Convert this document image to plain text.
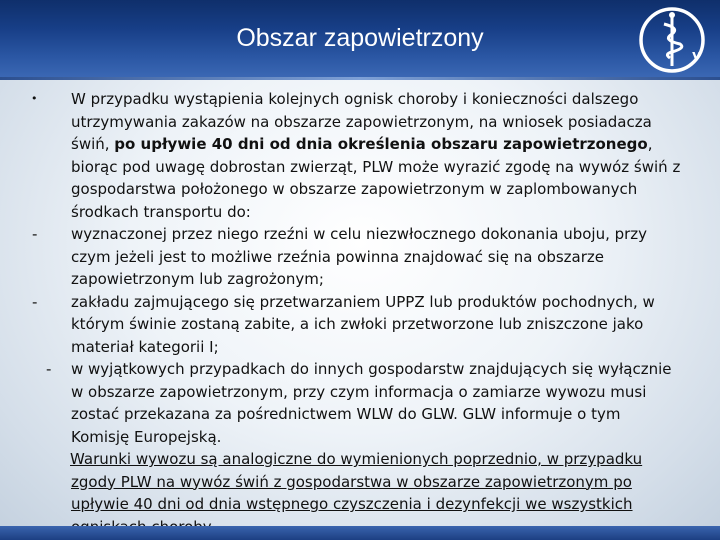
Obszar zapowietrzony
v
• W przypadku wystąpienia kolejnych ognisk choroby i konieczności dalszego utrzymywania zakazów na obszarze zapowietrzonym, na wniosek posiadacza świń, po upływie 40 dni od dnia określenia obszaru zapowietrzonego, biorąc pod uwagę dobrostan zwierząt, PLW może wyrazić zgodę na wywóz świń z gospodarstwa położonego w obszarze zapowietrzonym w zaplombowanych środkach transportu do:
- wyznaczonej przez niego rzeźni w celu niezwłocznego dokonania uboju, przy czym jeżeli jest to możliwe rzeźnia powinna znajdować się na obszarze zapowietrzonym lub zagrożonym;
- zakładu zajmującego się przetwarzaniem UPPZ lub produktów pochodnych, w którym świnie zostaną zabite, a ich zwłoki przetworzone lub zniszczone jako materiał kategorii I;
- w wyjątkowych przypadkach do innych gospodarstw znajdujących się wyłącznie w obszarze zapowietrzonym, przy czym informacja o zamiarze wywozu musi zostać przekazana za pośrednictwem WLW do GLW. GLW informuje o tym Komisję Europejską.
Warunki wywozu są analogiczne do wymienionych poprzednio, w przypadku zgody PLW na wywóz świń z gospodarstwa w obszarze zapowietrzonym po upływie 40 dni od dnia wstępnego czyszczenia i dezynfekcji we wszystkich
